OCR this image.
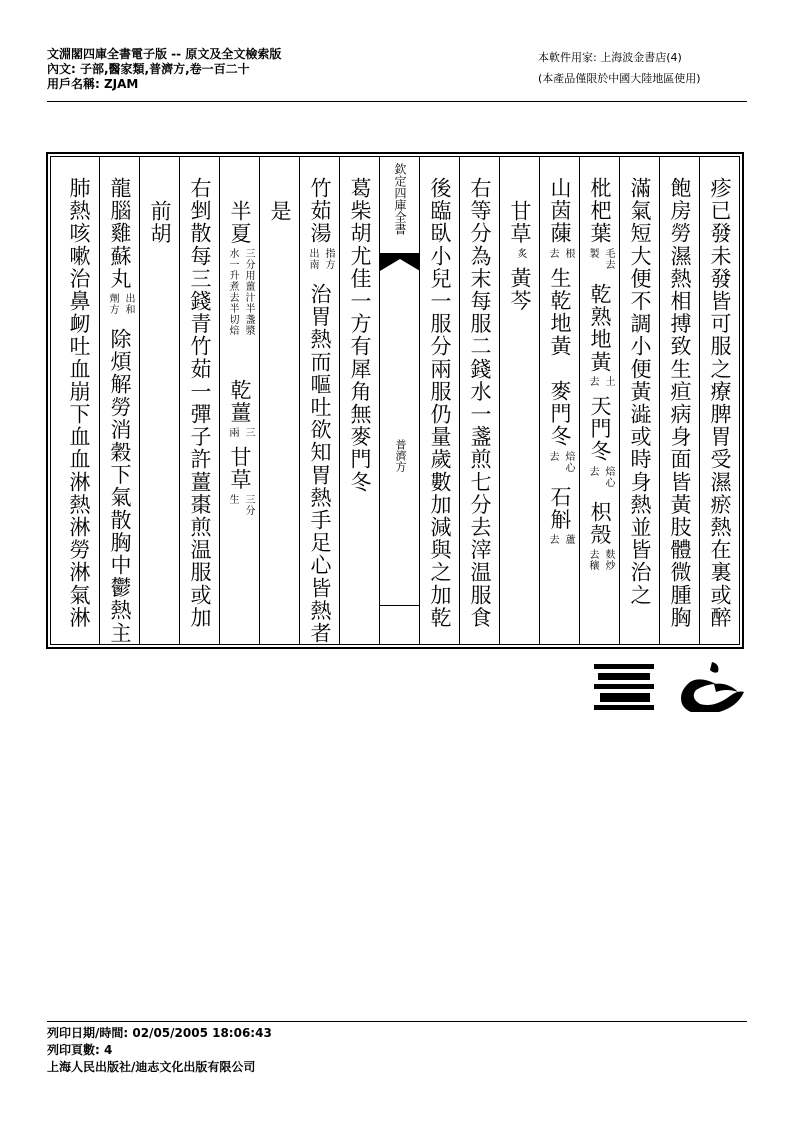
文淵閣四庫全書電子版 -- 原文及全文檢索版
內文: 子部,醫家類,普濟方,卷一百二十
用戶名稱: ZJAM
本軟件用家: 上海波金書店(4)
(本產品僅限於中國大陸地區使用)
疹已發未發皆可服之療脾胃受濕瘀熱在裏或醉
飽房勞濕熱相搏致生疸病身面皆黃肢體微腫胸
滿氣短大便不調小便黃澁或時身熱並皆治之
枇杷葉
毛去
製
乾熟地黃
土
去
天門冬
焙心
去
枳殼
麩炒
去穰
山茵蔯
根
去
生乾地黃
麥門冬
焙心
去
石斛
蘆
去
甘草
炙
黃芩
右等分為末每服二錢水一盞煎七分去滓温服食
後臨臥小兒一服分兩服仍量歲數加減與之加乾
欽定四庫全書
普濟方
葛柴胡尤佳一方有犀角無麥門冬
竹茹湯
指方
出南
治胃熱而嘔吐欲知胃熱手足心皆熱者
是
半夏
三分用薑汁半盞漿
水一升煮去半切焙
乾薑
三
兩
甘草
三分
生
右剉散每三錢青竹茹一彈子許薑棗煎温服或加
前胡
龍腦雞蘇丸
出和
劑方
除煩解勞消穀下氣散胸中鬱熱主
肺熱咳嗽治鼻衂吐血崩下血血淋熱淋勞淋氣淋
列印日期/時間: 02/05/2005 18:06:43
列印頁數: 4
上海人民出版社/迪志文化出版有限公司
